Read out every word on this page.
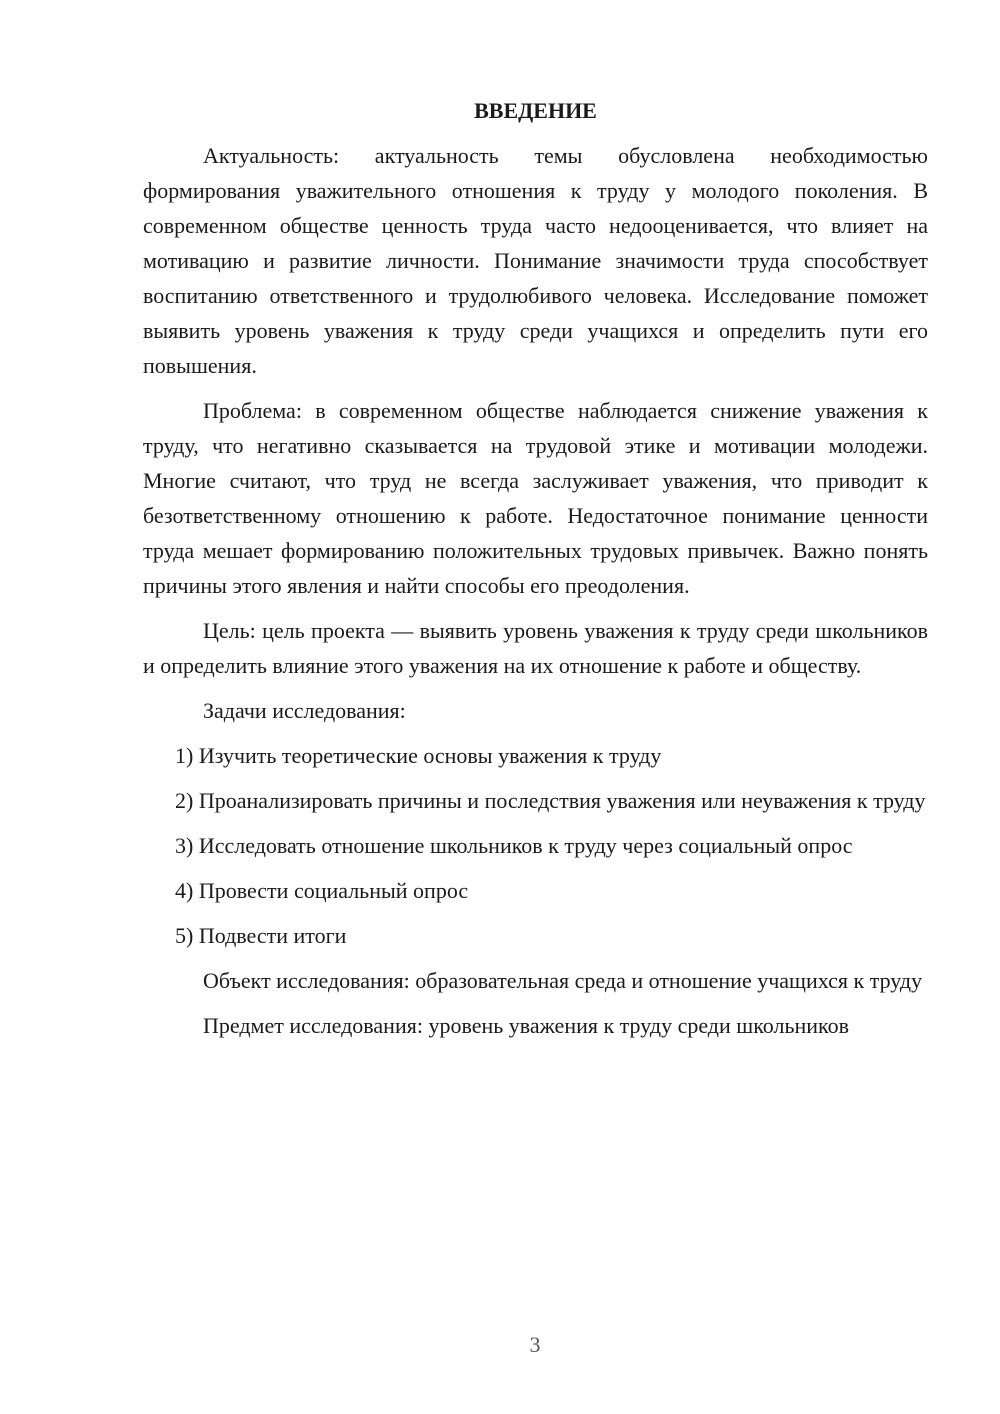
ВВЕДЕНИЕ

Актуальность: актуальность темы обусловлена необходимостью формирования уважительного отношения к труду у молодого поколения. В современном обществе ценность труда часто недооценивается, что влияет на мотивацию и развитие личности. Понимание значимости труда способствует воспитанию ответственного и трудолюбивого человека. Исследование поможет выявить уровень уважения к труду среди учащихся и определить пути его повышения.

Проблема: в современном обществе наблюдается снижение уважения к труду, что негативно сказывается на трудовой этике и мотивации молодежи. Многие считают, что труд не всегда заслуживает уважения, что приводит к безответственному отношению к работе. Недостаточное понимание ценности труда мешает формированию положительных трудовых привычек. Важно понять причины этого явления и найти способы его преодоления.

Цель: цель проекта — выявить уровень уважения к труду среди школьников и определить влияние этого уважения на их отношение к работе и обществу.

Задачи исследования:

1) Изучить теоретические основы уважения к труду

2) Проанализировать причины и последствия уважения или неуважения к труду

3) Исследовать отношение школьников к труду через социальный опрос

4) Провести социальный опрос

5) Подвести итоги

Объект исследования: образовательная среда и отношение учащихся к труду

Предмет исследования: уровень уважения к труду среди школьников

3
